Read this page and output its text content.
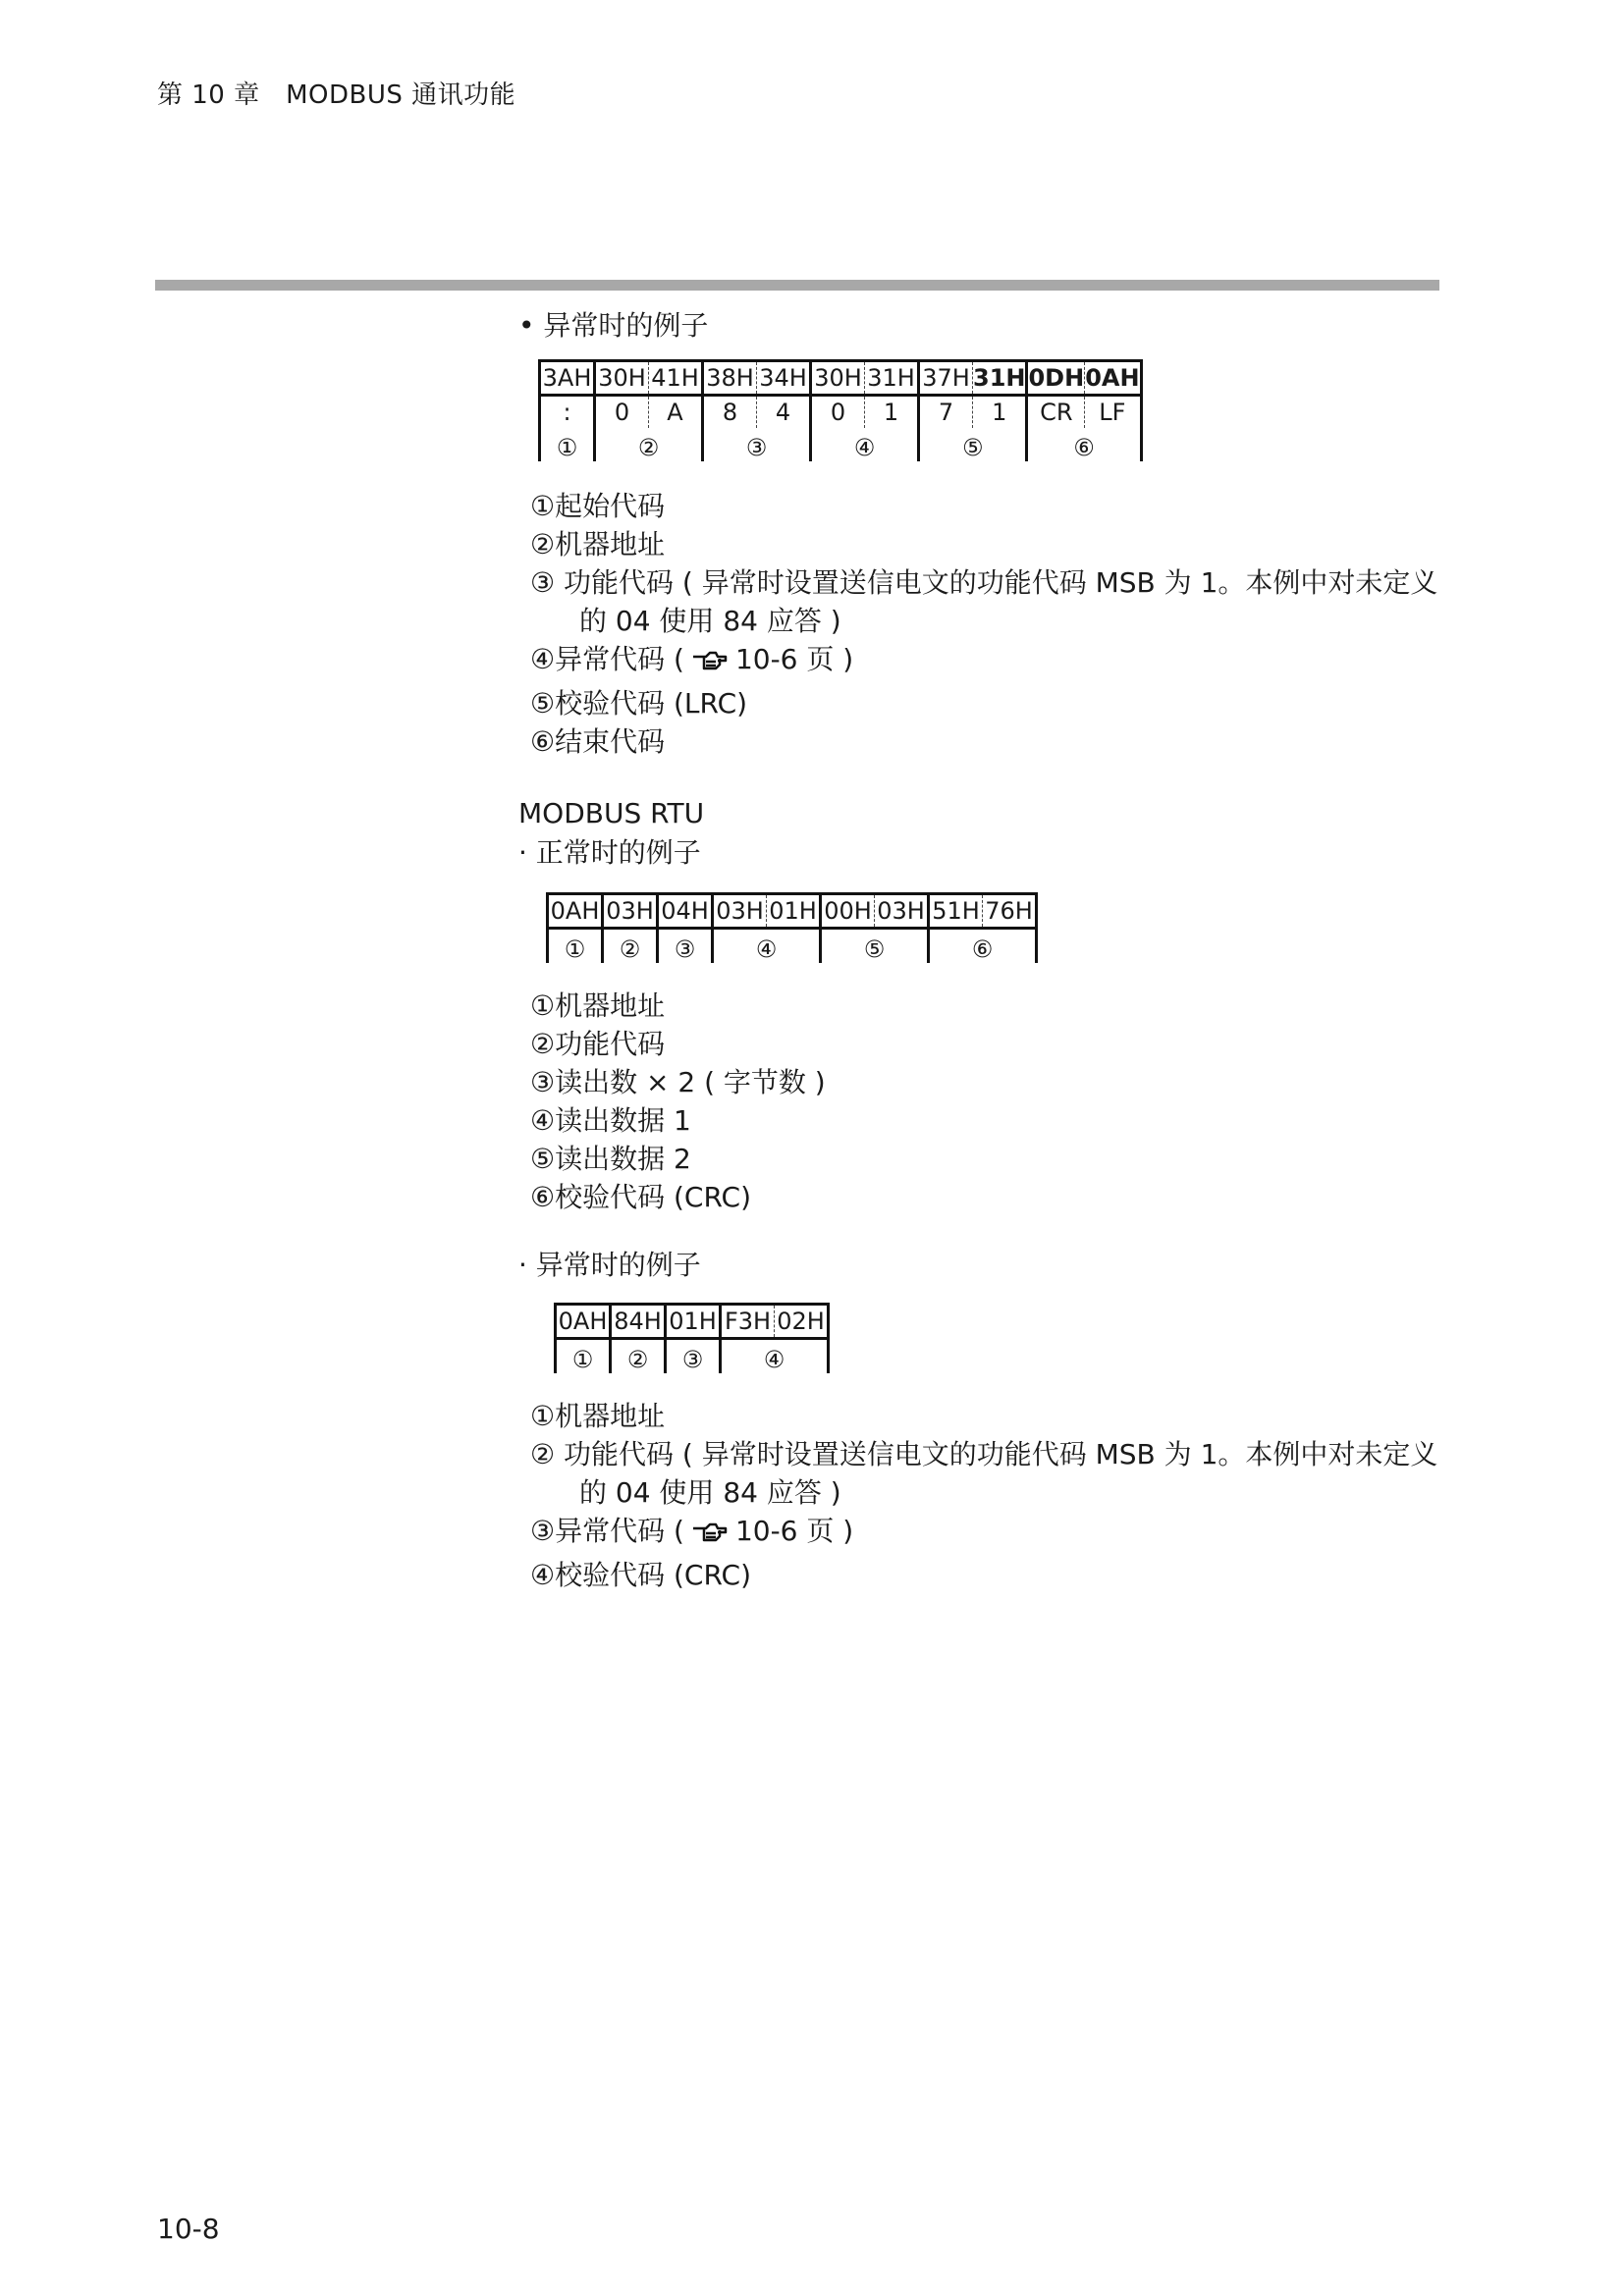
第 10 章　MODBUS 通讯功能

• 异常时的例子

3AH	30H	41H	38H	34H	30H	31H	37H	31H	0DH	0AH
:	0	A	8	4	0	1	7	1	CR	LF
①	②		③		④		⑤		⑥	
①起始代码
②机器地址
③ 功能代码 ( 异常时设置送信电文的功能代码 MSB 为 1。本例中对未定义
的 04 使用 84 应答 )
④异常代码 ( 10-6 页 )
⑤校验代码 (LRC)
⑥结束代码

MODBUS RTU

· 正常时的例子

0AH	03H	04H	03H	01H	00H	03H	51H	76H
①	②	③	④		⑤		⑥	
①机器地址
②功能代码
③读出数 × 2 ( 字节数 )
④读出数据 1
⑤读出数据 2
⑥校验代码 (CRC)

· 异常时的例子

0AH	84H	01H	F3H	02H
①	②	③	④	
①机器地址
② 功能代码 ( 异常时设置送信电文的功能代码 MSB 为 1。本例中对未定义
的 04 使用 84 应答 )
③异常代码 ( 10-6 页 )
④校验代码 (CRC)
10-8
